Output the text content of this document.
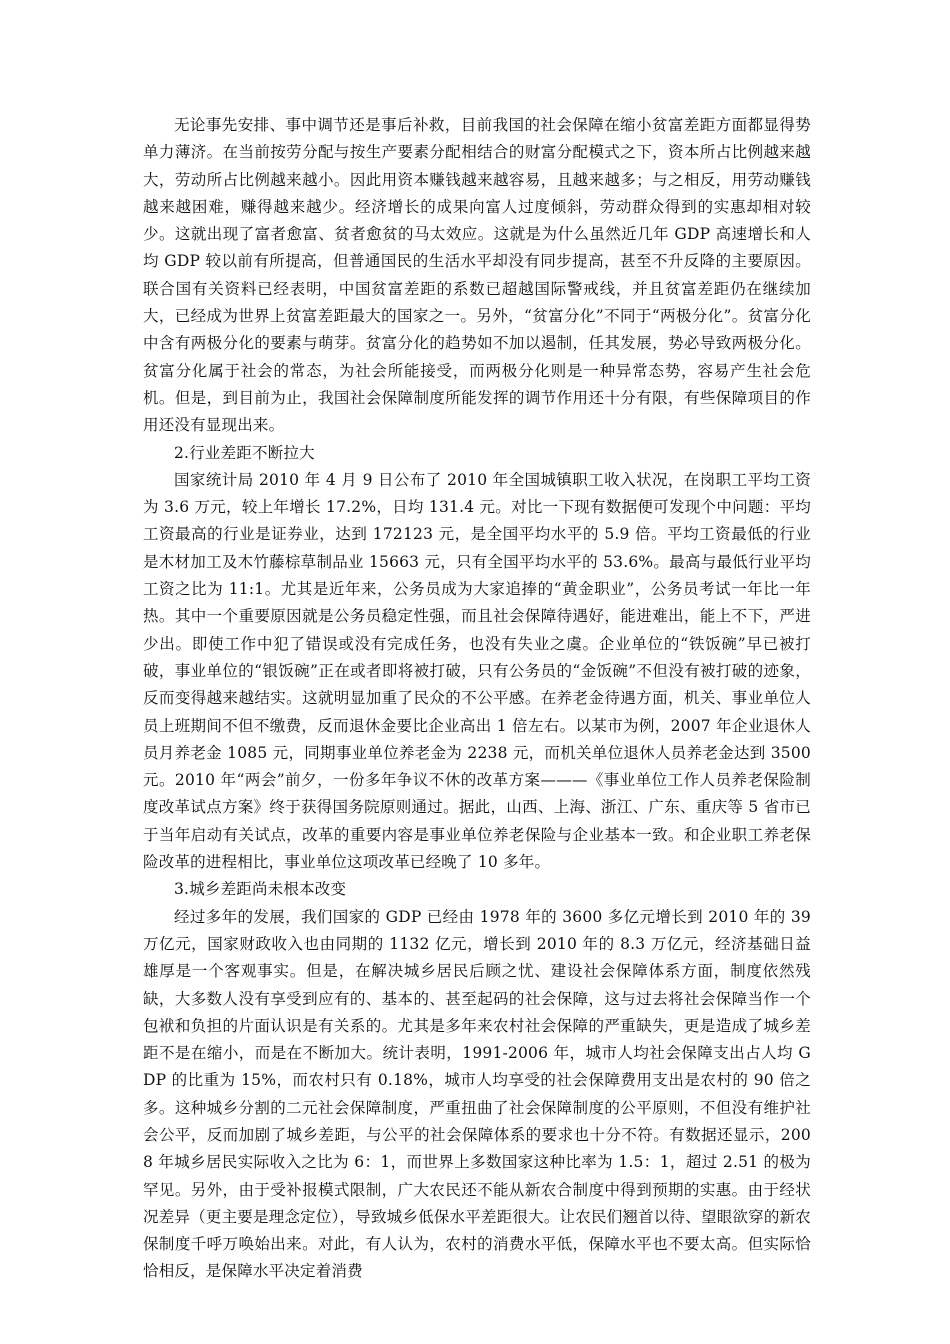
无论事先安排、事中调节还是事后补救，目前我国的社会保障在缩小贫富差距方面都显得势单力薄济。在当前按劳分配与按生产要素分配相结合的财富分配模式之下，资本所占比例越来越大，劳动所占比例越来越小。因此用资本赚钱越来越容易，且越来越多；与之相反，用劳动赚钱越来越困难，赚得越来越少。经济增长的成果向富人过度倾斜，劳动群众得到的实惠却相对较少。这就出现了富者愈富、贫者愈贫的马太效应。这就是为什么虽然近几年 GDP 高速增长和人均 GDP 较以前有所提高，但普通国民的生活水平却没有同步提高，甚至不升反降的主要原因。联合国有关资料已经表明，中国贫富差距的系数已超越国际警戒线，并且贫富差距仍在继续加大，已经成为世界上贫富差距最大的国家之一。另外，“贫富分化”不同于“两极分化”。贫富分化中含有两极分化的要素与萌芽。贫富分化的趋势如不加以遏制，任其发展，势必导致两极分化。贫富分化属于社会的常态，为社会所能接受，而两极分化则是一种异常态势，容易产生社会危机。但是，到目前为止，我国社会保障制度所能发挥的调节作用还十分有限，有些保障项目的作用还没有显现出来。

2.行业差距不断拉大

国家统计局 2010 年 4 月 9 日公布了 2010 年全国城镇职工收入状况，在岗职工平均工资为 3.6 万元，较上年增长 17.2%，日均 131.4 元。对比一下现有数据便可发现个中问题：平均工资最高的行业是证券业，达到 172123 元，是全国平均水平的 5.9 倍。平均工资最低的行业是木材加工及木竹藤棕草制品业 15663 元，只有全国平均水平的 53.6%。最高与最低行业平均工资之比为 11:1。尤其是近年来，公务员成为大家追捧的“黄金职业”，公务员考试一年比一年热。其中一个重要原因就是公务员稳定性强，而且社会保障待遇好，能进难出，能上不下，严进少出。即使工作中犯了错误或没有完成任务，也没有失业之虞。企业单位的“铁饭碗”早已被打破，事业单位的“银饭碗”正在或者即将被打破，只有公务员的“金饭碗”不但没有被打破的迹象，反而变得越来越结实。这就明显加重了民众的不公平感。在养老金待遇方面，机关、事业单位人员上班期间不但不缴费，反而退休金要比企业高出 1 倍左右。以某市为例，2007 年企业退休人员月养老金 1085 元，同期事业单位养老金为 2238 元，而机关单位退休人员养老金达到 3500 元。2010 年“两会”前夕，一份多年争议不休的改革方案———《事业单位工作人员养老保险制度改革试点方案》终于获得国务院原则通过。据此，山西、上海、浙江、广东、重庆等 5 省市已于当年启动有关试点，改革的重要内容是事业单位养老保险与企业基本一致。和企业职工养老保险改革的进程相比，事业单位这项改革已经晚了 10 多年。

3.城乡差距尚未根本改变

经过多年的发展，我们国家的 GDP 已经由 1978 年的 3600 多亿元增长到 2010 年的 39 万亿元，国家财政收入也由同期的 1132 亿元，增长到 2010 年的 8.3 万亿元，经济基础日益雄厚是一个客观事实。但是，在解决城乡居民后顾之忧、建设社会保障体系方面，制度依然残缺，大多数人没有享受到应有的、基本的、甚至起码的社会保障，这与过去将社会保障当作一个包袱和负担的片面认识是有关系的。尤其是多年来农村社会保障的严重缺失，更是造成了城乡差距不是在缩小，而是在不断加大。统计表明，1991-2006 年，城市人均社会保障支出占人均 GDP 的比重为 15%，而农村只有 0.18%，城市人均享受的社会保障费用支出是农村的 90 倍之多。这种城乡分割的二元社会保障制度，严重扭曲了社会保障制度的公平原则，不但没有维护社会公平，反而加剧了城乡差距，与公平的社会保障体系的要求也十分不符。有数据还显示，2008 年城乡居民实际收入之比为 6：1，而世界上多数国家这种比率为 1.5：1，超过 2.51 的极为罕见。另外，由于受补报模式限制，广大农民还不能从新农合制度中得到预期的实惠。由于经状况差异（更主要是理念定位），导致城乡低保水平差距很大。让农民们翘首以待、望眼欲穿的新农保制度千呼万唤始出来。对此，有人认为，农村的消费水平低，保障水平也不要太高。但实际恰恰相反，是保障水平决定着消费
